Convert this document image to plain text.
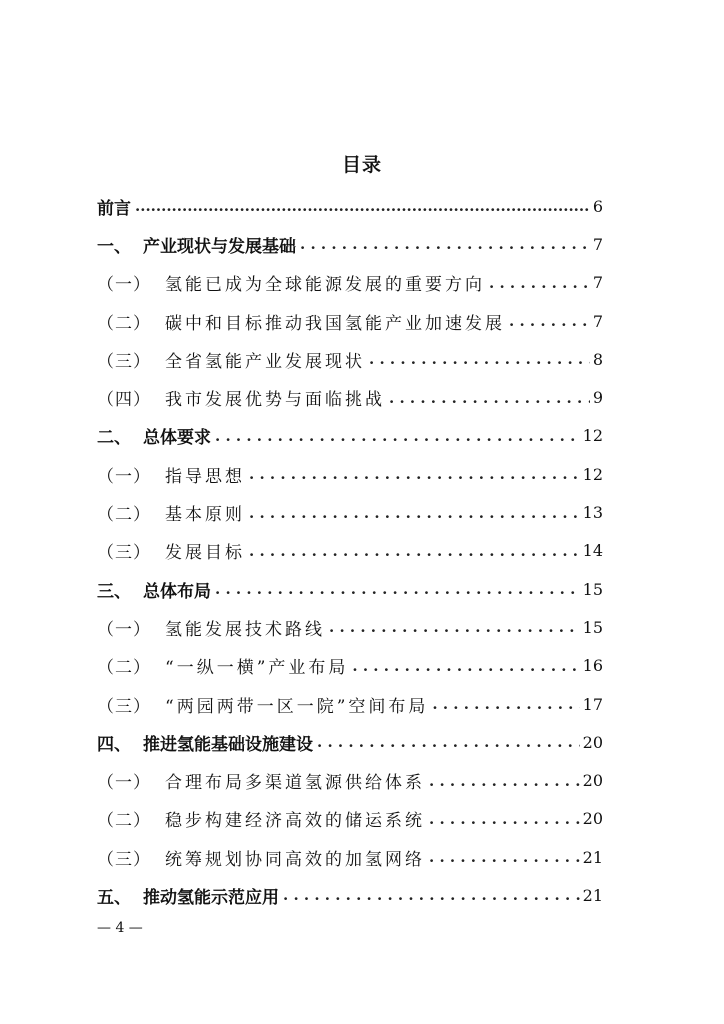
目录
前言 .....	6
一、 产业现状与发展基础 . . .	7
（一） 氢能已成为全球能源发展的重要方向 . . .	7
（二） 碳中和目标推动我国氢能产业加速发展 . . .	7
（三） 全省氢能产业发展现状 . . .	8
（四） 我市发展优势与面临挑战 . . .	9
二、 总体要求 . . .	12
（一） 指导思想 . . .	12
（二） 基本原则 . . .	13
（三） 发展目标 . . .	14
三、 总体布局 . . .	15
（一） 氢能发展技术路线 . . .	15
（二） “一纵一横”产业布局 . . .	16
（三） “两园两带一区一院”空间布局 . . .	17
四、 推进氢能基础设施建设 . . .	20
（一） 合理布局多渠道氢源供给体系 . . .	20
（二） 稳步构建经济高效的储运系统 . . .	20
（三） 统筹规划协同高效的加氢网络 . . .	21
五、 推动氢能示范应用 . . .	21
— 4 —
